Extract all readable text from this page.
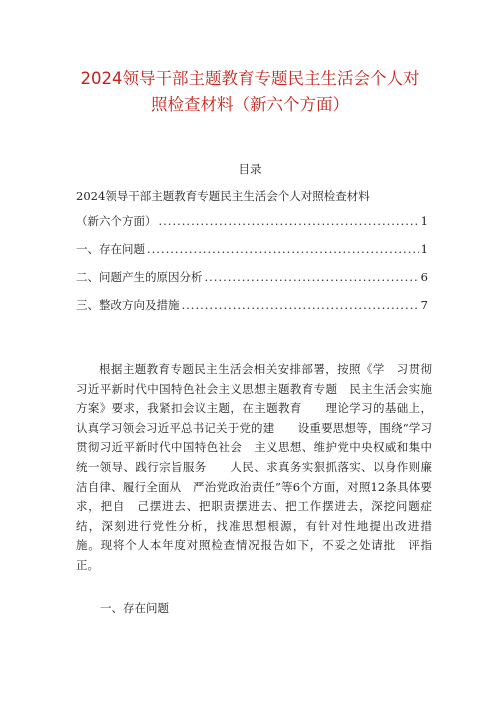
2024领导干部主题教育专题民主生活会个人对
照检查材料（新六个方面）
目录
2024领导干部主题教育专题民主生活会个人对照检查材料
（新六个方面） .....	1
一、存在问题 .....	1
二、问题产生的原因分析 .....	6
三、整改方向及措施 .....	7
根据主题教育专题民主生活会相关安排部署，按照《学　习贯彻习近平新时代中国特色社会主义思想主题教育专题　民主生活会实施方案》要求，我紧扣会议主题，在主题教育　　理论学习的基础上，认真学习领会习近平总书记关于党的建　　设重要思想等，围绕“学习贯彻习近平新时代中国特色社会　主义思想、维护党中央权威和集中统一领导、践行宗旨服务　　人民、求真务实狠抓落实、以身作则廉洁自律、履行全面从　严治党政治责任”等6个方面，对照12条具体要求，把自　己摆进去、把职责摆进去、把工作摆进去，深挖问题症结，深刻进行党性分析，找准思想根源，有针对性地提出改进措　　施。现将个人本年度对照检查情况报告如下，不妥之处请批　评指正。
一、存在问题
